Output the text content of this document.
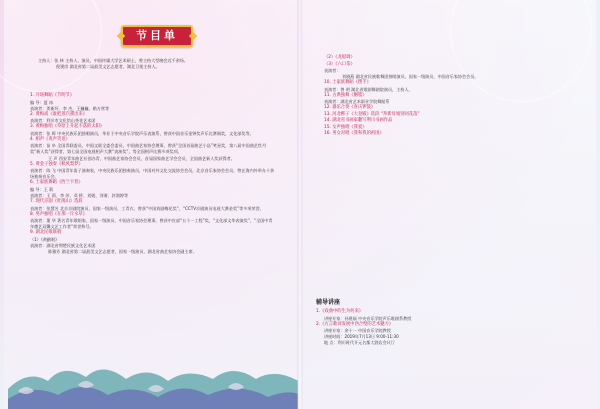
节目单
主持人：张 林 主持人、演员，中国传媒大学艺术硕士，曾主持大型晚会近千余场。
倪建房 湖北省第二届最美文艺志愿者，湖北卫视主持人。
1. 开场舞蹈《节明节》
编 导：夏 冰
表演者：贺新坏、李 杰、王巍巍、皓万营等
2. 黄梅戏《谁把蒸汽熏出来》
表演者：利川市文化馆山茶花艺术团
3. 黄梅独唱《草原上升起不落的太阳》
表演者：张 晖 中央民族乐团独唱演员，毕业于中央音乐学院声乐表演系，曾获中国音乐金钟奖声乐比赛铜奖，文化部奖等。
4. 相声《说声笑语》
表演者：苗 阜 全国青联委员，中国文联全委会委员，中国曲艺家协会理事，曾获“全国首届曲艺小品”笑星奖，第八届中国曲艺牡丹奖“新人奖”获得者，第七届全国电视相声大赛“表演奖”，等全国相声比赛多项奖项。
王 声 西安青年曲艺社创办青，中国曲艺家协会会员，首届国家曲艺学会会员，全国曲艺新人奖获得者。
5. 黄金子独奏《秋风梨梦》
表演者：陈 飞 中国青年笛子演奏家，中央民族乐团独奏演员，中国对外文化交流协会会员，北京音乐家协会会员，曾在海内外举办十余场独奏音乐会。
6. 土家族舞蹈《西兰卡普》
编 导：王 莉
表演者：王 莉、李 莎、邓 桥、刘媛、刘谐、封润婷等
7. 现代京剧《杜鹃山》选段
表演者：张慧芳 北京京剧院演员，国家一级演员，工青衣，曾获“中国戏剧梅花奖”，“CCTV京剧演员电视大赛金奖”等多项荣誉。
8. 男声独唱《在那一片水草》
表演者：董 华 著名青年歌唱家，国家一级演员，中国音乐家协会理事，曾获中宣部“五个一工程”奖，“文化部文华表演奖”，“全国中青年德艺双馨文艺工作者”荣誉称号。
9. 湖北民歌联唱
（1）《黄鹂唱》
表演者：湖北省荆楚民族文化艺术团
陈雅芳 湖北省第二届最美文艺志愿者，国家一级演员，湖北省曲艺家协会副主席。
（2）《龙船调》
（3）《六口茶》
表演者：
刘晓燕 湖北省民族歌舞团独唱演员，国家一级演员，中国音乐家协会会员。
10. 土家族舞蹈《摆手》
表演者：曾 明 湖北省歌剧舞剧院演员，主持人。
11. 古典独舞《胭脂》
表演者：湖北省艺术职业学院舞蹈系
12. 器乐合奏《喜庆锣鼓》
13. 河北梆子《大登殿》选段 “拜新母娘别词花落”
14. 湖北省书画家翻写利川书画作品
15. 女声独唱《我爱》
16. 男女对唱《我和我的祖国》
辅导讲座
1.《戏曲中的生为何来》
讲座专家：孙建福 中央音乐学院声乐歌剧系教授
2.《方言歌词发展中西合壁的艺术魅力》
讲座专家：余十一 中国音乐学院教授
讲座时间：2019年7月13日 9:00-11:30
地 点：利川时代开元名都大酒店会议厅
